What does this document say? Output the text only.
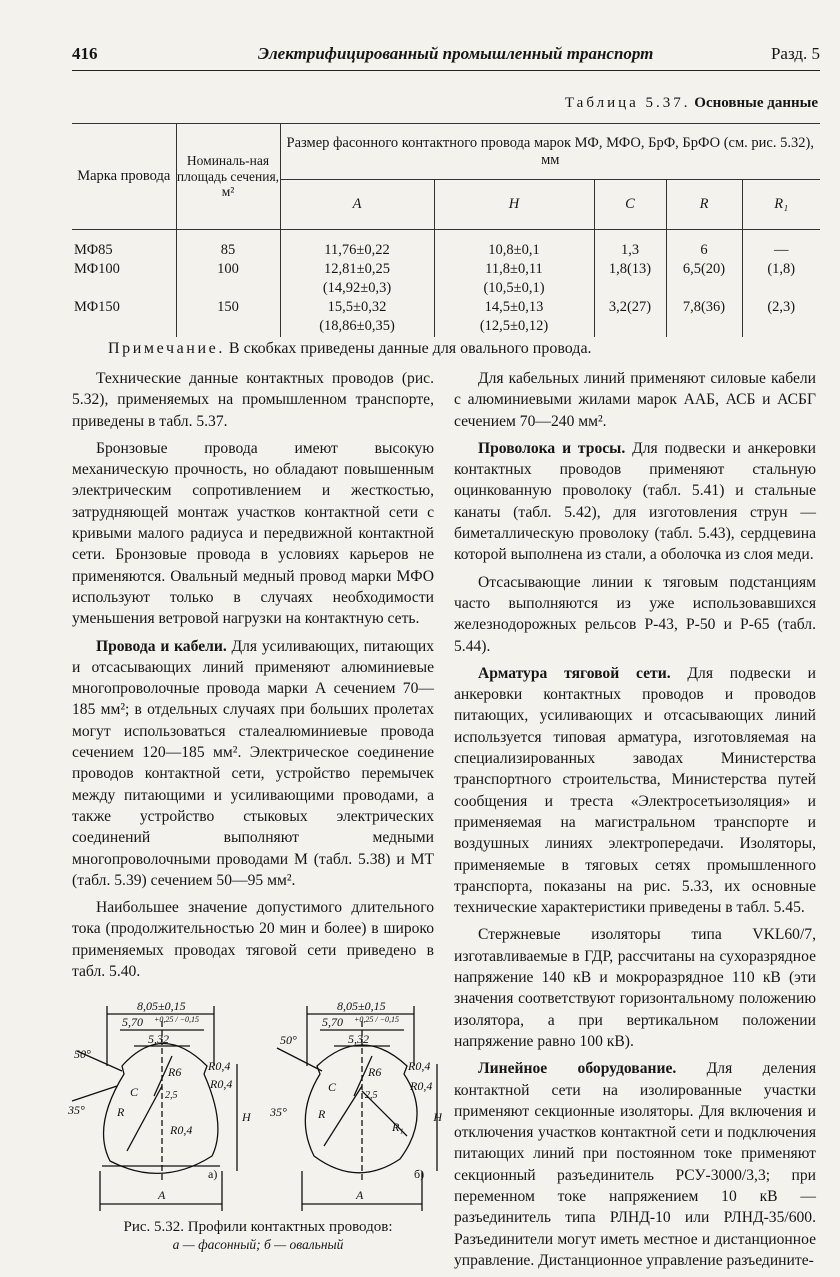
416	Электрифицированный промышленный транспорт	Разд. 5
Таблица 5.37. Основные данные
Марка провода	Номиналь-ная площадь сечения, м²	Размер фасонного контактного провода марок МФ, МФО, БрФ, БрФО (см. рис. 5.32), мм				
		A	H	C	R	R₁
МФ85	85	11,76±0,22	10,8±0,1	1,3	6	—
МФ100	100	12,81±0,25	11,8±0,11	1,8(13)	6,5(20)	(1,8)
		(14,92±0,3)	(10,5±0,1)			
МФ150	150	15,5±0,32	14,5±0,13	3,2(27)	7,8(36)	(2,3)
		(18,86±0,35)	(12,5±0,12)			
Примечание. В скобках приведены данные для овального провода.

Технические данные контактных проводов (рис. 5.32), применяемых на промышленном транспорте, приведены в табл. 5.37.

Бронзовые провода имеют высокую механическую прочность, но обладают повышенным электрическим сопротивлением и жесткостью, затрудняющей монтаж участков контактной сети с кривыми малого радиуса и передвижной контактной сети. Бронзовые провода в условиях карьеров не применяются. Овальный медный провод марки МФО используют только в случаях необходимости уменьшения ветровой нагрузки на контактную сеть.

Провода и кабели. Для усиливающих, питающих и отсасывающих линий применяют алюминиевые многопроволочные провода марки А сечением 70—185 мм²; в отдельных случаях при больших пролетах могут использоваться сталеалюминиевые провода сечением 120—185 мм². Электрическое соединение проводов контактной сети, устройство перемычек между питающими и усиливающими проводами, а также устройство стыковых электрических соединений выполняют медными многопроволочными проводами М (табл. 5.38) и МТ (табл. 5.39) сечением 50—95 мм².

Наибольшее значение допустимого длительного тока (продолжительностью 20 мин и более) в широко применяемых проводах тяговой сети приведено в табл. 5.40.

Для кабельных линий применяют силовые кабели с алюминиевыми жилами марок ААБ, АСБ и АСБГ сечением 70—240 мм².

Проволока и тросы. Для подвески и анкеровки контактных проводов применяют стальную оцинкованную проволоку (табл. 5.41) и стальные канаты (табл. 5.42), для изготовления струн — биметаллическую проволоку (табл. 5.43), сердцевина которой выполнена из стали, а оболочка из слоя меди.

Отсасывающие линии к тяговым подстанциям часто выполняются из уже использовавшихся железнодорожных рельсов Р-43, Р-50 и Р-65 (табл. 5.44).

Арматура тяговой сети. Для подвески и анкеровки контактных проводов и проводов питающих, усиливающих и отсасывающих линий используется типовая арматура, изготовляемая на специализированных заводах Министерства транспортного строительства, Министерства путей сообщения и треста «Электросетьизоляция» и применяемая на магистральном транспорте и воздушных линиях электропередачи. Изоляторы, применяемые в тяговых сетях промышленного транспорта, показаны на рис. 5.33, их основные технические характеристики приведены в табл. 5.45.

Стержневые изоляторы типа VKL60/7, изготавливаемые в ГДР, рассчитаны на сухоразрядное напряжение 140 кВ и мокроразрядное 110 кВ (эти значения соответствуют горизонтальному положению изолятора, а при вертикальном положении напряжение равно 100 кВ).

Линейное оборудование. Для деления контактной сети на изолированные участки применяют секционные изоляторы. Для включения и отключения участков контактной сети и подключения питающих линий при постоянном токе применяют секционный разъединитель РСУ-3000/3,3; при переменном токе напряжением 10 кВ — разъединитель типа РЛНД-10 или РЛНД-35/600. Разъединители могут иметь местное и дистанционное управление. Дистанционное управление разъедините-

8,05±0,15
5,70 +0,25 / −0,15
5,32
50°
35°
R0,4
R0,4
R6
R0,4
H
C
R
2,5
A
а)
8,05±0,15
5,70 +0,25 / −0,15
5,32
50°
35°
R0,4
R0,4
R6
H
C
R
R₁
2,5
A
б)
Рис. 5.32. Профили контактных проводов:
а — фасонный; б — овальный
